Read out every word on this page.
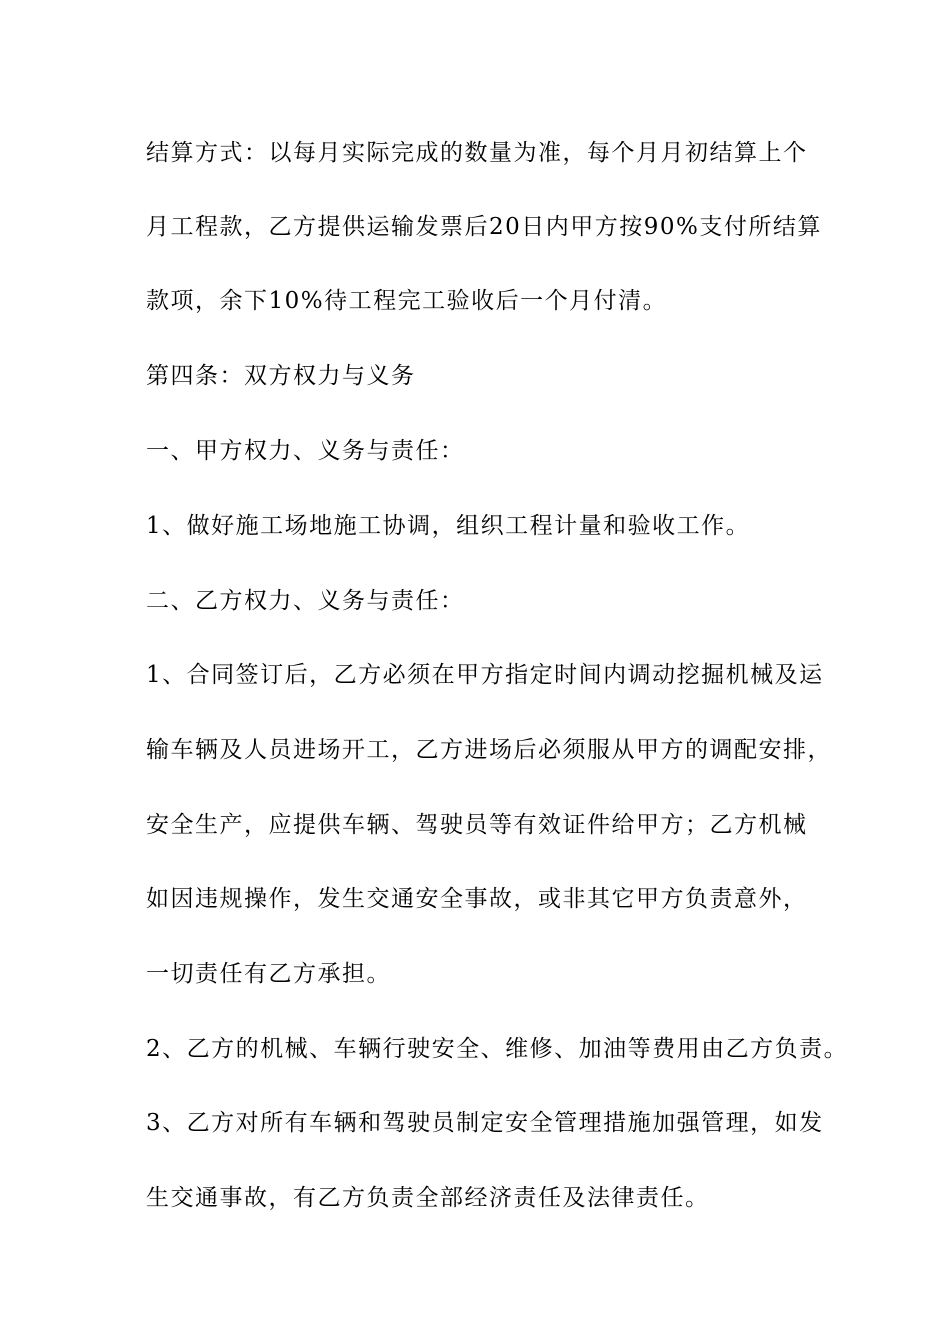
结算方式：以每月实际完成的数量为准，每个月月初结算上个
月工程款，乙方提供运输发票后20日内甲方按90%支付所结算
款项，余下10%待工程完工验收后一个月付清。
第四条：双方权力与义务
一、甲方权力、义务与责任：
1、做好施工场地施工协调，组织工程计量和验收工作。
二、乙方权力、义务与责任：
1、合同签订后，乙方必须在甲方指定时间内调动挖掘机械及运
输车辆及人员进场开工，乙方进场后必须服从甲方的调配安排，
安全生产，应提供车辆、驾驶员等有效证件给甲方；乙方机械
如因违规操作，发生交通安全事故，或非其它甲方负责意外，
一切责任有乙方承担。
2、乙方的机械、车辆行驶安全、维修、加油等费用由乙方负责。
3、乙方对所有车辆和驾驶员制定安全管理措施加强管理，如发
生交通事故，有乙方负责全部经济责任及法律责任。
